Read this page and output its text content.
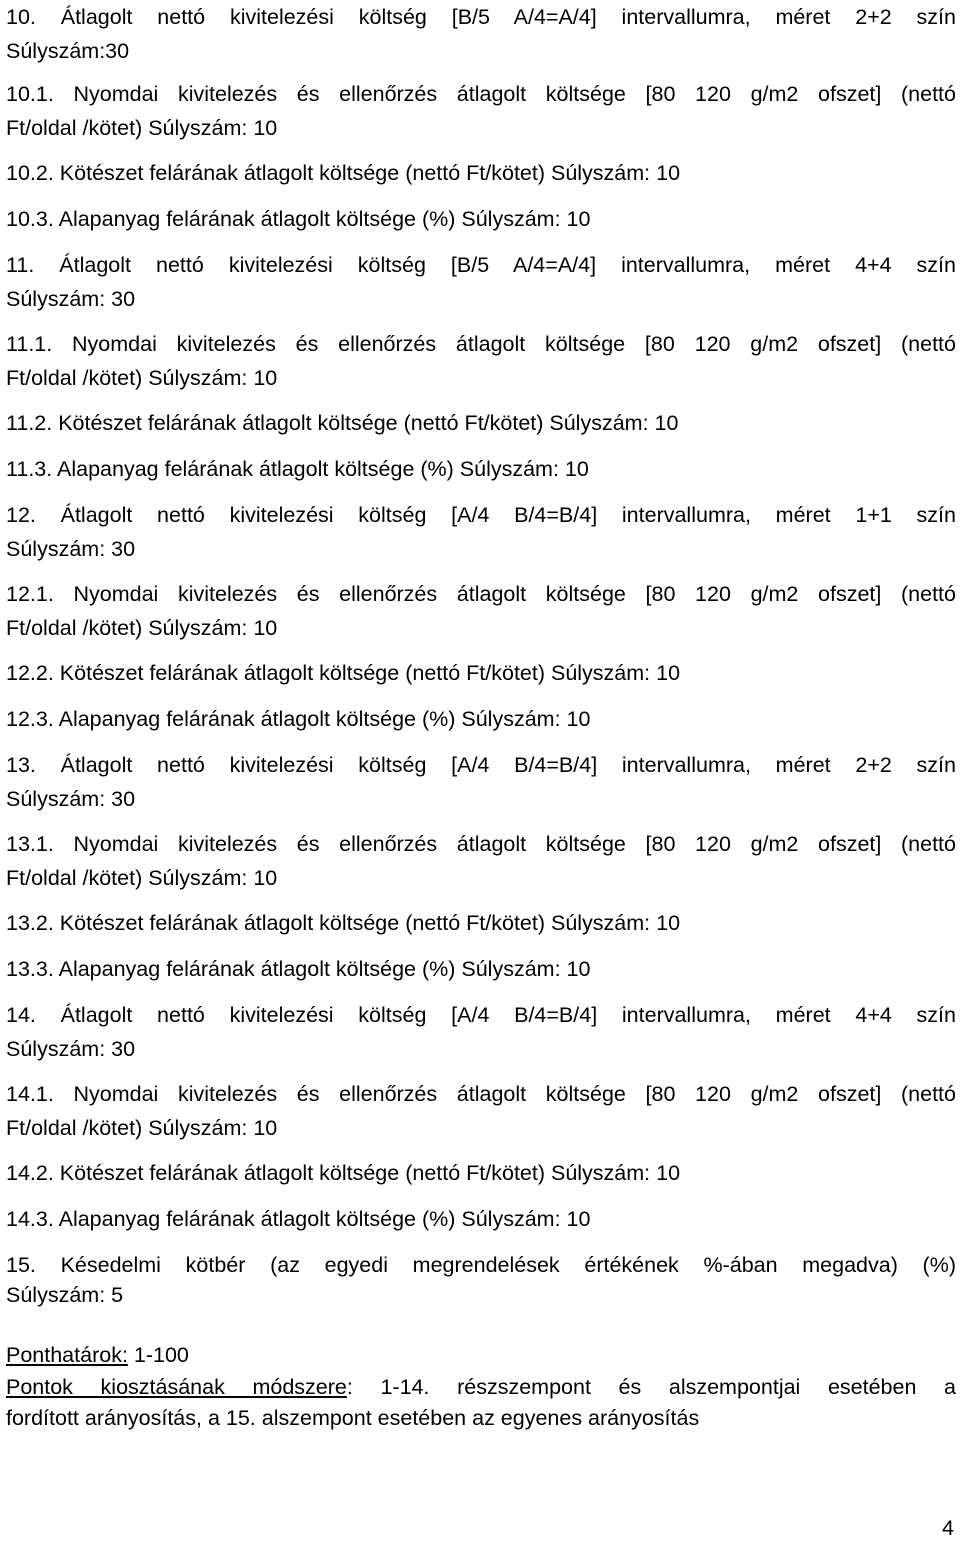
10. Átlagolt nettó kivitelezési költség [B/5 A/4=A/4] intervallumra, méret 2+2 szín
Súlyszám:30
10.1. Nyomdai kivitelezés és ellenőrzés átlagolt költsége [80 120 g/m2 ofszet] (nettó
Ft/oldal /kötet) Súlyszám: 10
10.2. Kötészet felárának átlagolt költsége (nettó Ft/kötet) Súlyszám: 10
10.3. Alapanyag felárának átlagolt költsége (%) Súlyszám: 10
11. Átlagolt nettó kivitelezési költség [B/5 A/4=A/4] intervallumra, méret 4+4 szín
Súlyszám: 30
11.1. Nyomdai kivitelezés és ellenőrzés átlagolt költsége [80 120 g/m2 ofszet] (nettó
Ft/oldal /kötet) Súlyszám: 10
11.2. Kötészet felárának átlagolt költsége (nettó Ft/kötet) Súlyszám: 10
11.3. Alapanyag felárának átlagolt költsége (%) Súlyszám: 10
12. Átlagolt nettó kivitelezési költség [A/4 B/4=B/4] intervallumra, méret 1+1 szín
Súlyszám: 30
12.1. Nyomdai kivitelezés és ellenőrzés átlagolt költsége [80 120 g/m2 ofszet] (nettó
Ft/oldal /kötet) Súlyszám: 10
12.2. Kötészet felárának átlagolt költsége (nettó Ft/kötet) Súlyszám: 10
12.3. Alapanyag felárának átlagolt költsége (%) Súlyszám: 10
13. Átlagolt nettó kivitelezési költség [A/4 B/4=B/4] intervallumra, méret 2+2 szín
Súlyszám: 30
13.1. Nyomdai kivitelezés és ellenőrzés átlagolt költsége [80 120 g/m2 ofszet] (nettó
Ft/oldal /kötet) Súlyszám: 10
13.2. Kötészet felárának átlagolt költsége (nettó Ft/kötet) Súlyszám: 10
13.3. Alapanyag felárának átlagolt költsége (%) Súlyszám: 10
14. Átlagolt nettó kivitelezési költség [A/4 B/4=B/4] intervallumra, méret 4+4 szín
Súlyszám: 30
14.1. Nyomdai kivitelezés és ellenőrzés átlagolt költsége [80 120 g/m2 ofszet] (nettó
Ft/oldal /kötet) Súlyszám: 10
14.2. Kötészet felárának átlagolt költsége (nettó Ft/kötet) Súlyszám: 10
14.3. Alapanyag felárának átlagolt költsége (%) Súlyszám: 10
15. Késedelmi kötbér (az egyedi megrendelések értékének %-ában megadva) (%)
Súlyszám: 5
Ponthatárok: 1-100
Pontok kiosztásának módszere: 1-14. részszempont és alszempontjai esetében a
fordított arányosítás, a 15. alszempont esetében az egyenes arányosítás
4
